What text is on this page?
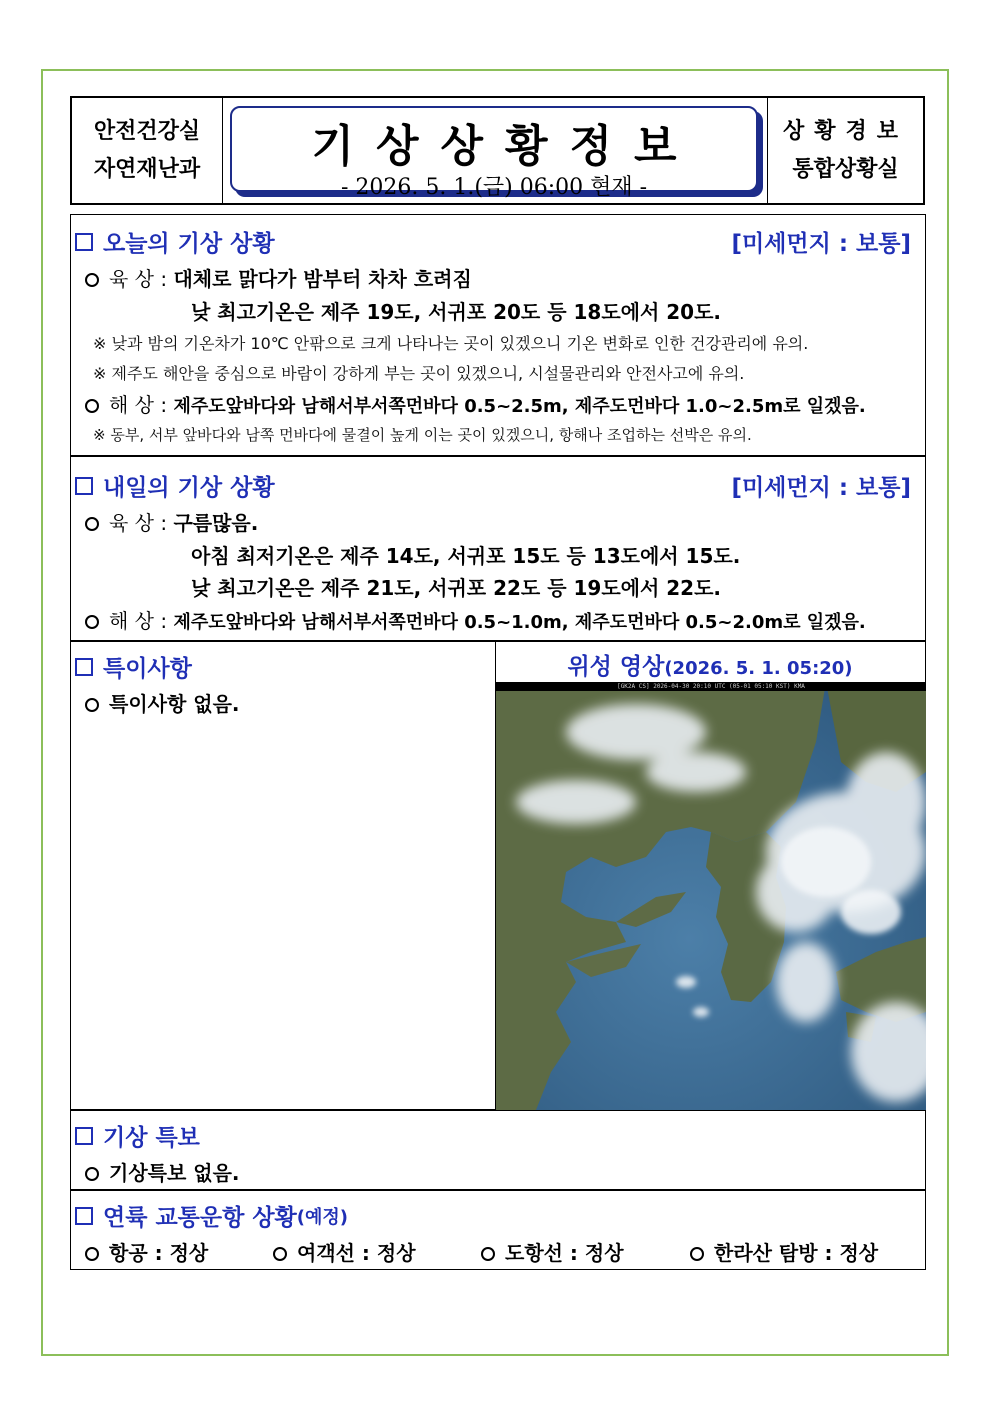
안전건강실
자연재난과	기상상황정보
- 2026. 5. 1.(금) 06:00 현재 -
상황경보
통합상황실
오늘의 기상 상황	[미세먼지 : 보통]
육 상 : 대체로 맑다가 밤부터 차차 흐려짐
낮 최고기온은 제주 19도, 서귀포 20도 등 18도에서 20도.
※ 낮과 밤의 기온차가 10℃ 안팎으로 크게 나타나는 곳이 있겠으니 기온 변화로 인한 건강관리에 유의.
※ 제주도 해안을 중심으로 바람이 강하게 부는 곳이 있겠으니, 시설물관리와 안전사고에 유의.
해 상 : 제주도앞바다와 남해서부서쪽먼바다 0.5~2.5m, 제주도먼바다 1.0~2.5m로 일겠음.
※ 동부, 서부 앞바다와 남쪽 먼바다에 물결이 높게 이는 곳이 있겠으니, 항해나 조업하는 선박은 유의.
내일의 기상 상황	[미세먼지 : 보통]
육 상 : 구름많음.
아침 최저기온은 제주 14도, 서귀포 15도 등 13도에서 15도.
낮 최고기온은 제주 21도, 서귀포 22도 등 19도에서 22도.
해 상 : 제주도앞바다와 남해서부서쪽먼바다 0.5~1.0m, 제주도먼바다 0.5~2.0m로 일겠음.
특이사항
특이사항 없음.
위성 영상(2026. 5. 1. 05:20)
[GK2A CS] 2026-04-30 20:10 UTC (05-01 05:10 KST) KMA
기상 특보
기상특보 없음.
연륙 교통운항 상황 (예정)
항공 : 정상	여객선 : 정상	도항선 : 정상	한라산 탐방 : 정상
